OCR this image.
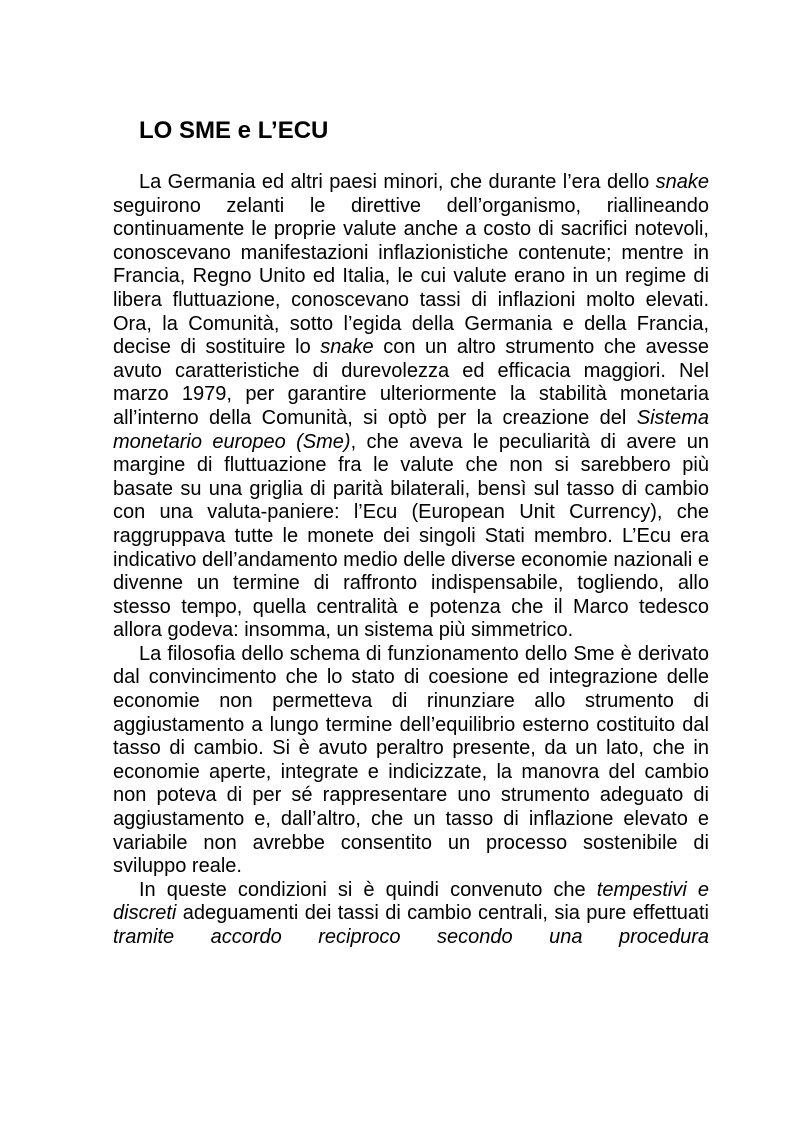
LO SME e L’ECU

La Germania ed altri paesi minori, che durante l’era dello snake seguirono zelanti le direttive dell’organismo, riallineando continuamente le proprie valute anche a costo di sacrifici notevoli, conoscevano manifestazioni inflazionistiche contenute; mentre in Francia, Regno Unito ed Italia, le cui valute erano in un regime di libera fluttuazione, conoscevano tassi di inflazioni molto elevati. Ora, la Comunità, sotto l’egida della Germania e della Francia, decise di sostituire lo snake con un altro strumento che avesse avuto caratteristiche di durevolezza ed efficacia maggiori. Nel marzo 1979, per garantire ulteriormente la stabilità monetaria all’interno della Comunità, si optò per la creazione del Sistema monetario europeo (Sme), che aveva le peculiarità di avere un margine di fluttuazione fra le valute che non si sarebbero più basate su una griglia di parità bilaterali, bensì sul tasso di cambio con una valuta-paniere: l’Ecu (European Unit Currency), che raggruppava tutte le monete dei singoli Stati membro. L’Ecu era indicativo dell’andamento medio delle diverse economie nazionali e divenne un termine di raffronto indispensabile, togliendo, allo stesso tempo, quella centralità e potenza che il Marco tedesco allora godeva: insomma, un sistema più simmetrico.

La filosofia dello schema di funzionamento dello Sme è derivato dal convincimento che lo stato di coesione ed integrazione delle economie non permetteva di rinunziare allo strumento di aggiustamento a lungo termine dell’equilibrio esterno costituito dal tasso di cambio. Si è avuto peraltro presente, da un lato, che in economie aperte, integrate e indicizzate, la manovra del cambio non poteva di per sé rappresentare uno strumento adeguato di aggiustamento e, dall’altro, che un tasso di inflazione elevato e variabile non avrebbe consentito un processo sostenibile di sviluppo reale.

In queste condizioni si è quindi convenuto che tempestivi e discreti adeguamenti dei tassi di cambio centrali, sia pure effettuati tramite accordo reciproco secondo una procedura
